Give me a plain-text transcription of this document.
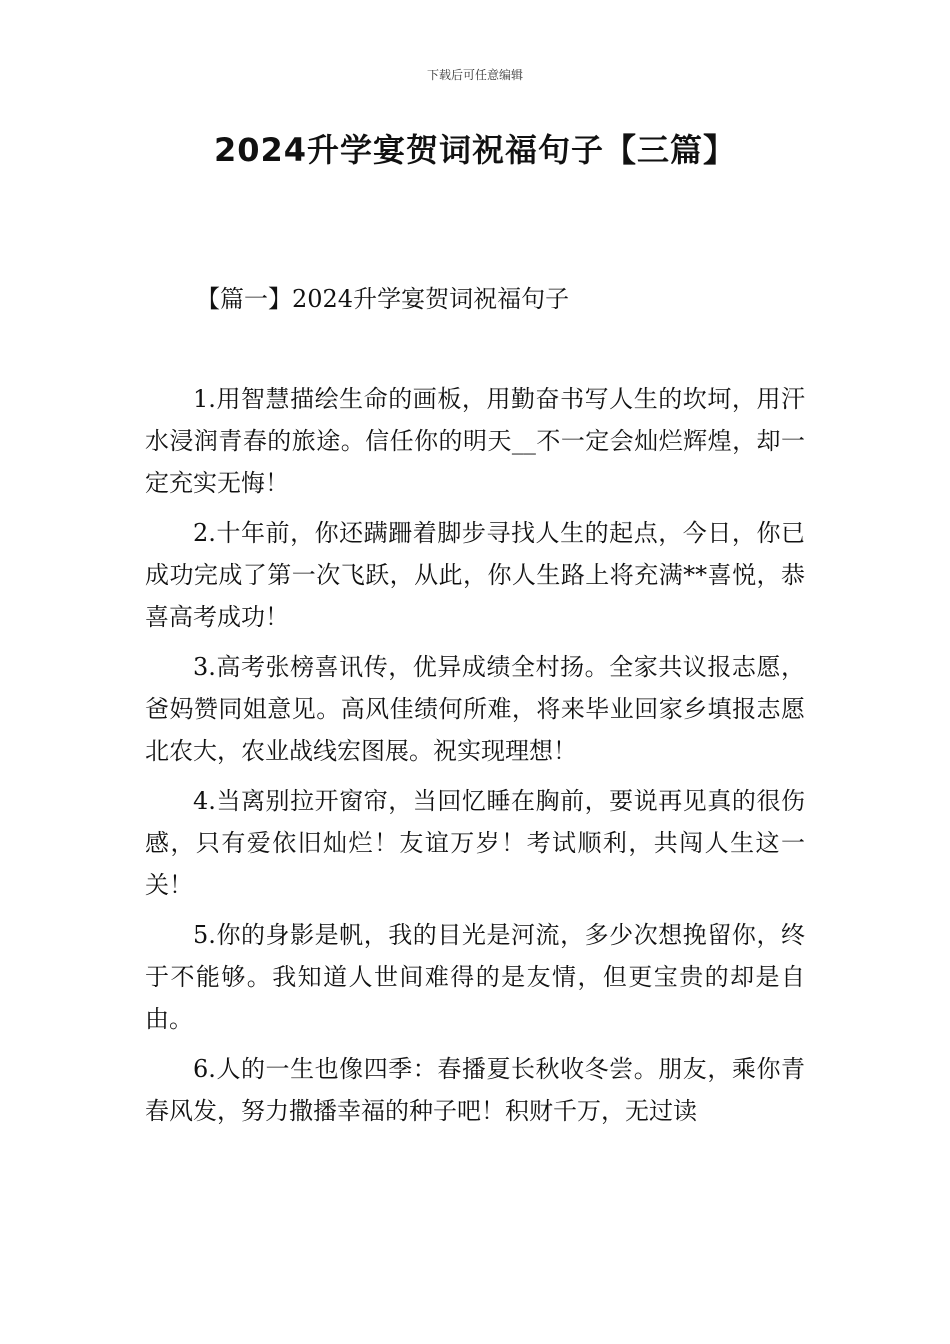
下载后可任意编辑
2024升学宴贺词祝福句子【三篇】
【篇一】2024升学宴贺词祝福句子

1.用智慧描绘生命的画板，用勤奋书写人生的坎坷，用汗水浸润青春的旅途。信任你的明天__不一定会灿烂辉煌，却一定充实无悔！

2.十年前，你还蹒跚着脚步寻找人生的起点，今日，你已成功完成了第一次飞跃，从此，你人生路上将充满**喜悦，恭喜高考成功！

3.高考张榜喜讯传，优异成绩全村扬。全家共议报志愿，爸妈赞同姐意见。高风佳绩何所难，将来毕业回家乡填报志愿北农大，农业战线宏图展。祝实现理想！

4.当离别拉开窗帘，当回忆睡在胸前，要说再见真的很伤感，只有爱依旧灿烂！友谊万岁！考试顺利，共闯人生这一关！

5.你的身影是帆，我的目光是河流，多少次想挽留你，终于不能够。我知道人世间难得的是友情，但更宝贵的却是自由。

6.人的一生也像四季：春播夏长秋收冬尝。朋友，乘你青春风发，努力撒播幸福的种子吧！积财千万，无过读
